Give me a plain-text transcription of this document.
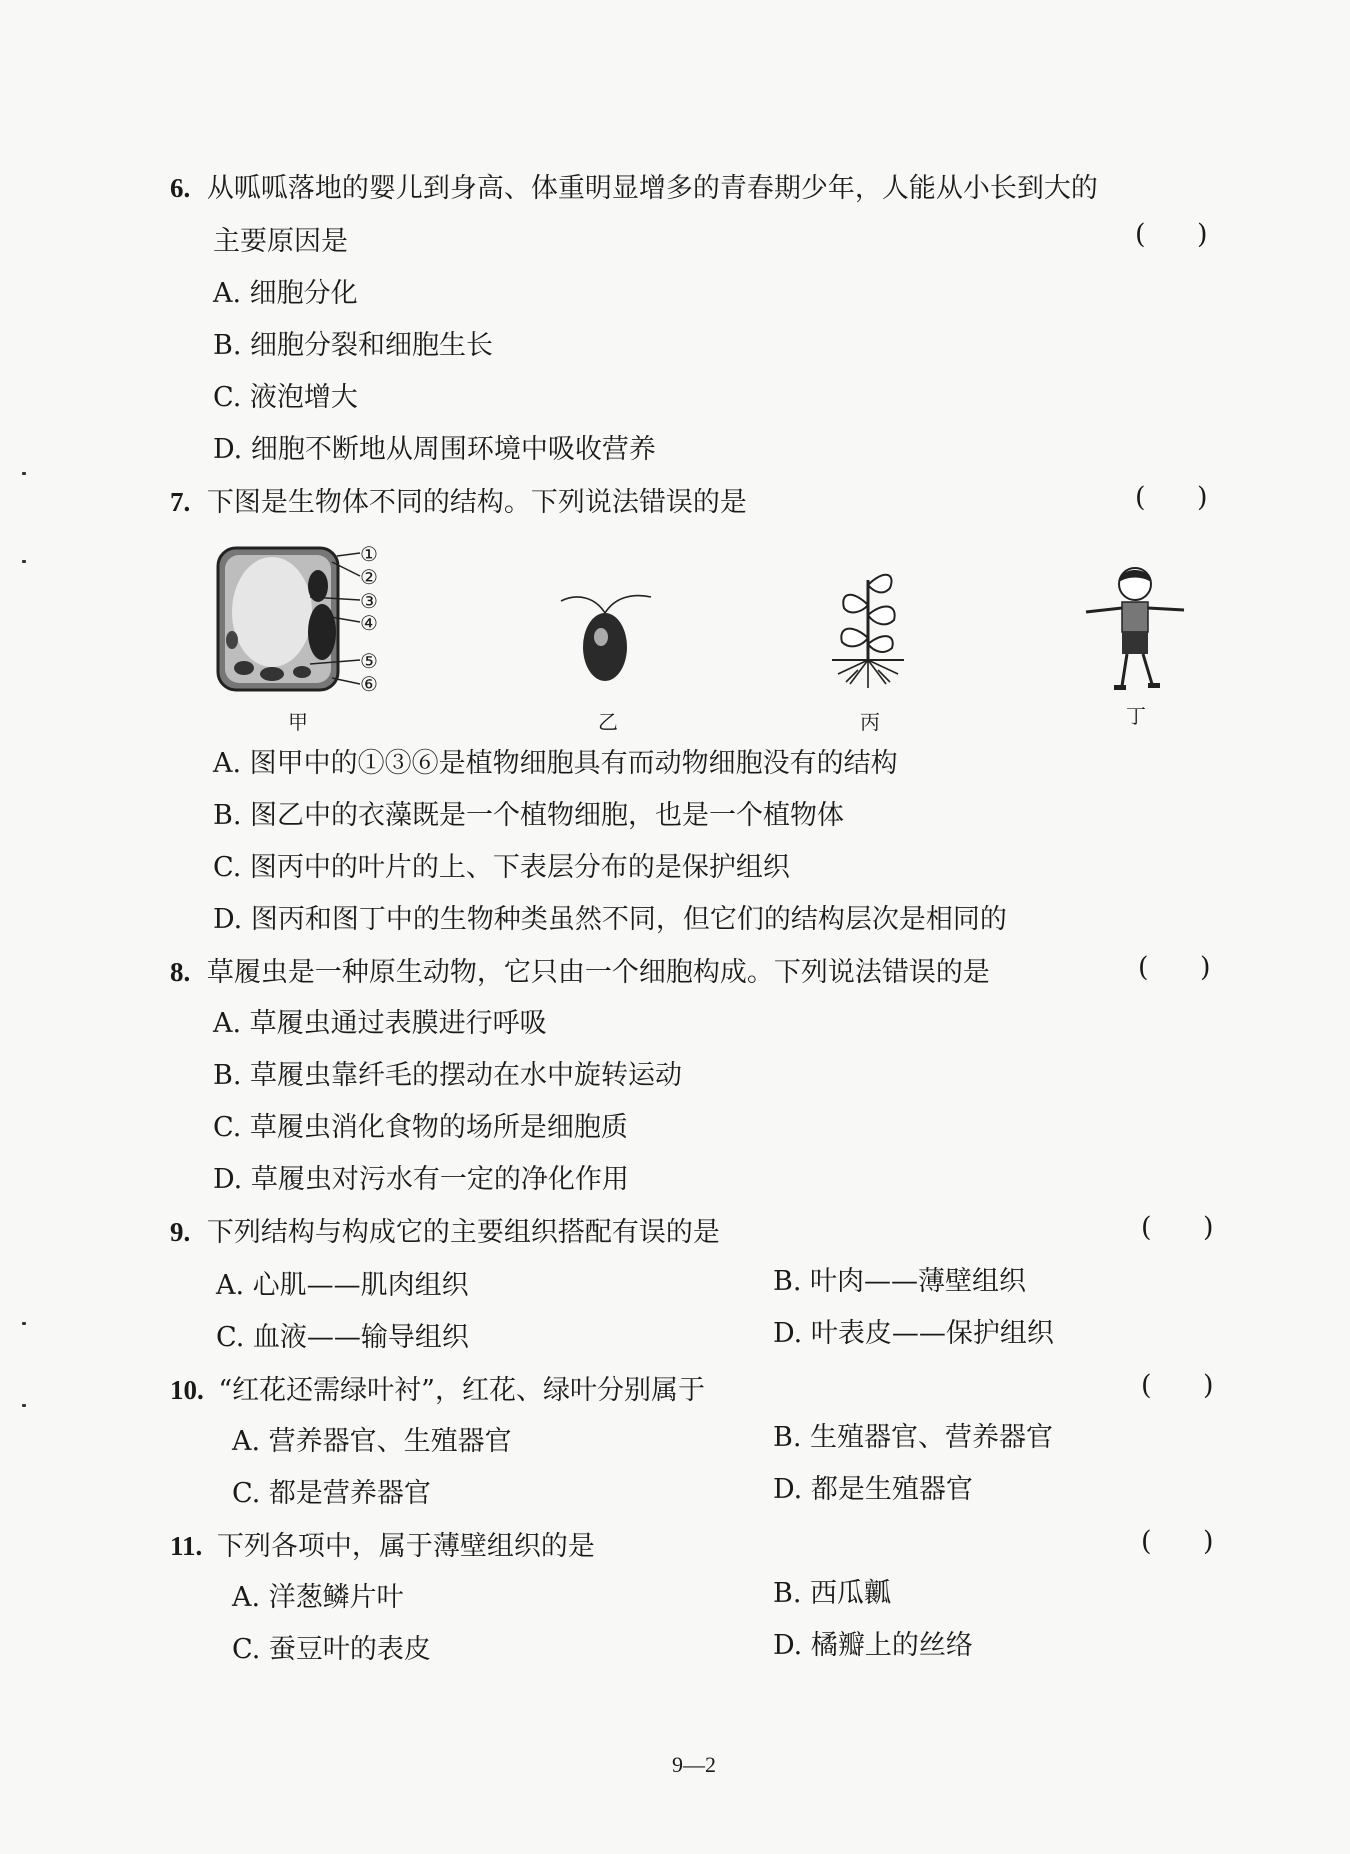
6. 从呱呱落地的婴儿到身高、体重明显增多的青春期少年，人能从小长到大的
主要原因是	(      )
A. 细胞分化
B. 细胞分裂和细胞生长
C. 液泡增大
D. 细胞不断地从周围环境中吸收营养
7. 下图是生物体不同的结构。下列说法错误的是	(      )
①
②
③
④
⑤
⑥
甲	乙	丙	丁
A. 图甲中的①③⑥是植物细胞具有而动物细胞没有的结构
B. 图乙中的衣藻既是一个植物细胞，也是一个植物体
C. 图丙中的叶片的上、下表层分布的是保护组织
D. 图丙和图丁中的生物种类虽然不同，但它们的结构层次是相同的
8. 草履虫是一种原生动物，它只由一个细胞构成。下列说法错误的是	(      )
A. 草履虫通过表膜进行呼吸
B. 草履虫靠纤毛的摆动在水中旋转运动
C. 草履虫消化食物的场所是细胞质
D. 草履虫对污水有一定的净化作用
9. 下列结构与构成它的主要组织搭配有误的是	(      )
A. 心肌——肌肉组织	B. 叶肉——薄壁组织
C. 血液——输导组织	D. 叶表皮——保护组织
10. “红花还需绿叶衬”，红花、绿叶分别属于	(      )
A. 营养器官、生殖器官	B. 生殖器官、营养器官
C. 都是营养器官	D. 都是生殖器官
11. 下列各项中，属于薄壁组织的是	(      )
A. 洋葱鳞片叶	B. 西瓜瓤
C. 蚕豆叶的表皮	D. 橘瓣上的丝络
9—2
